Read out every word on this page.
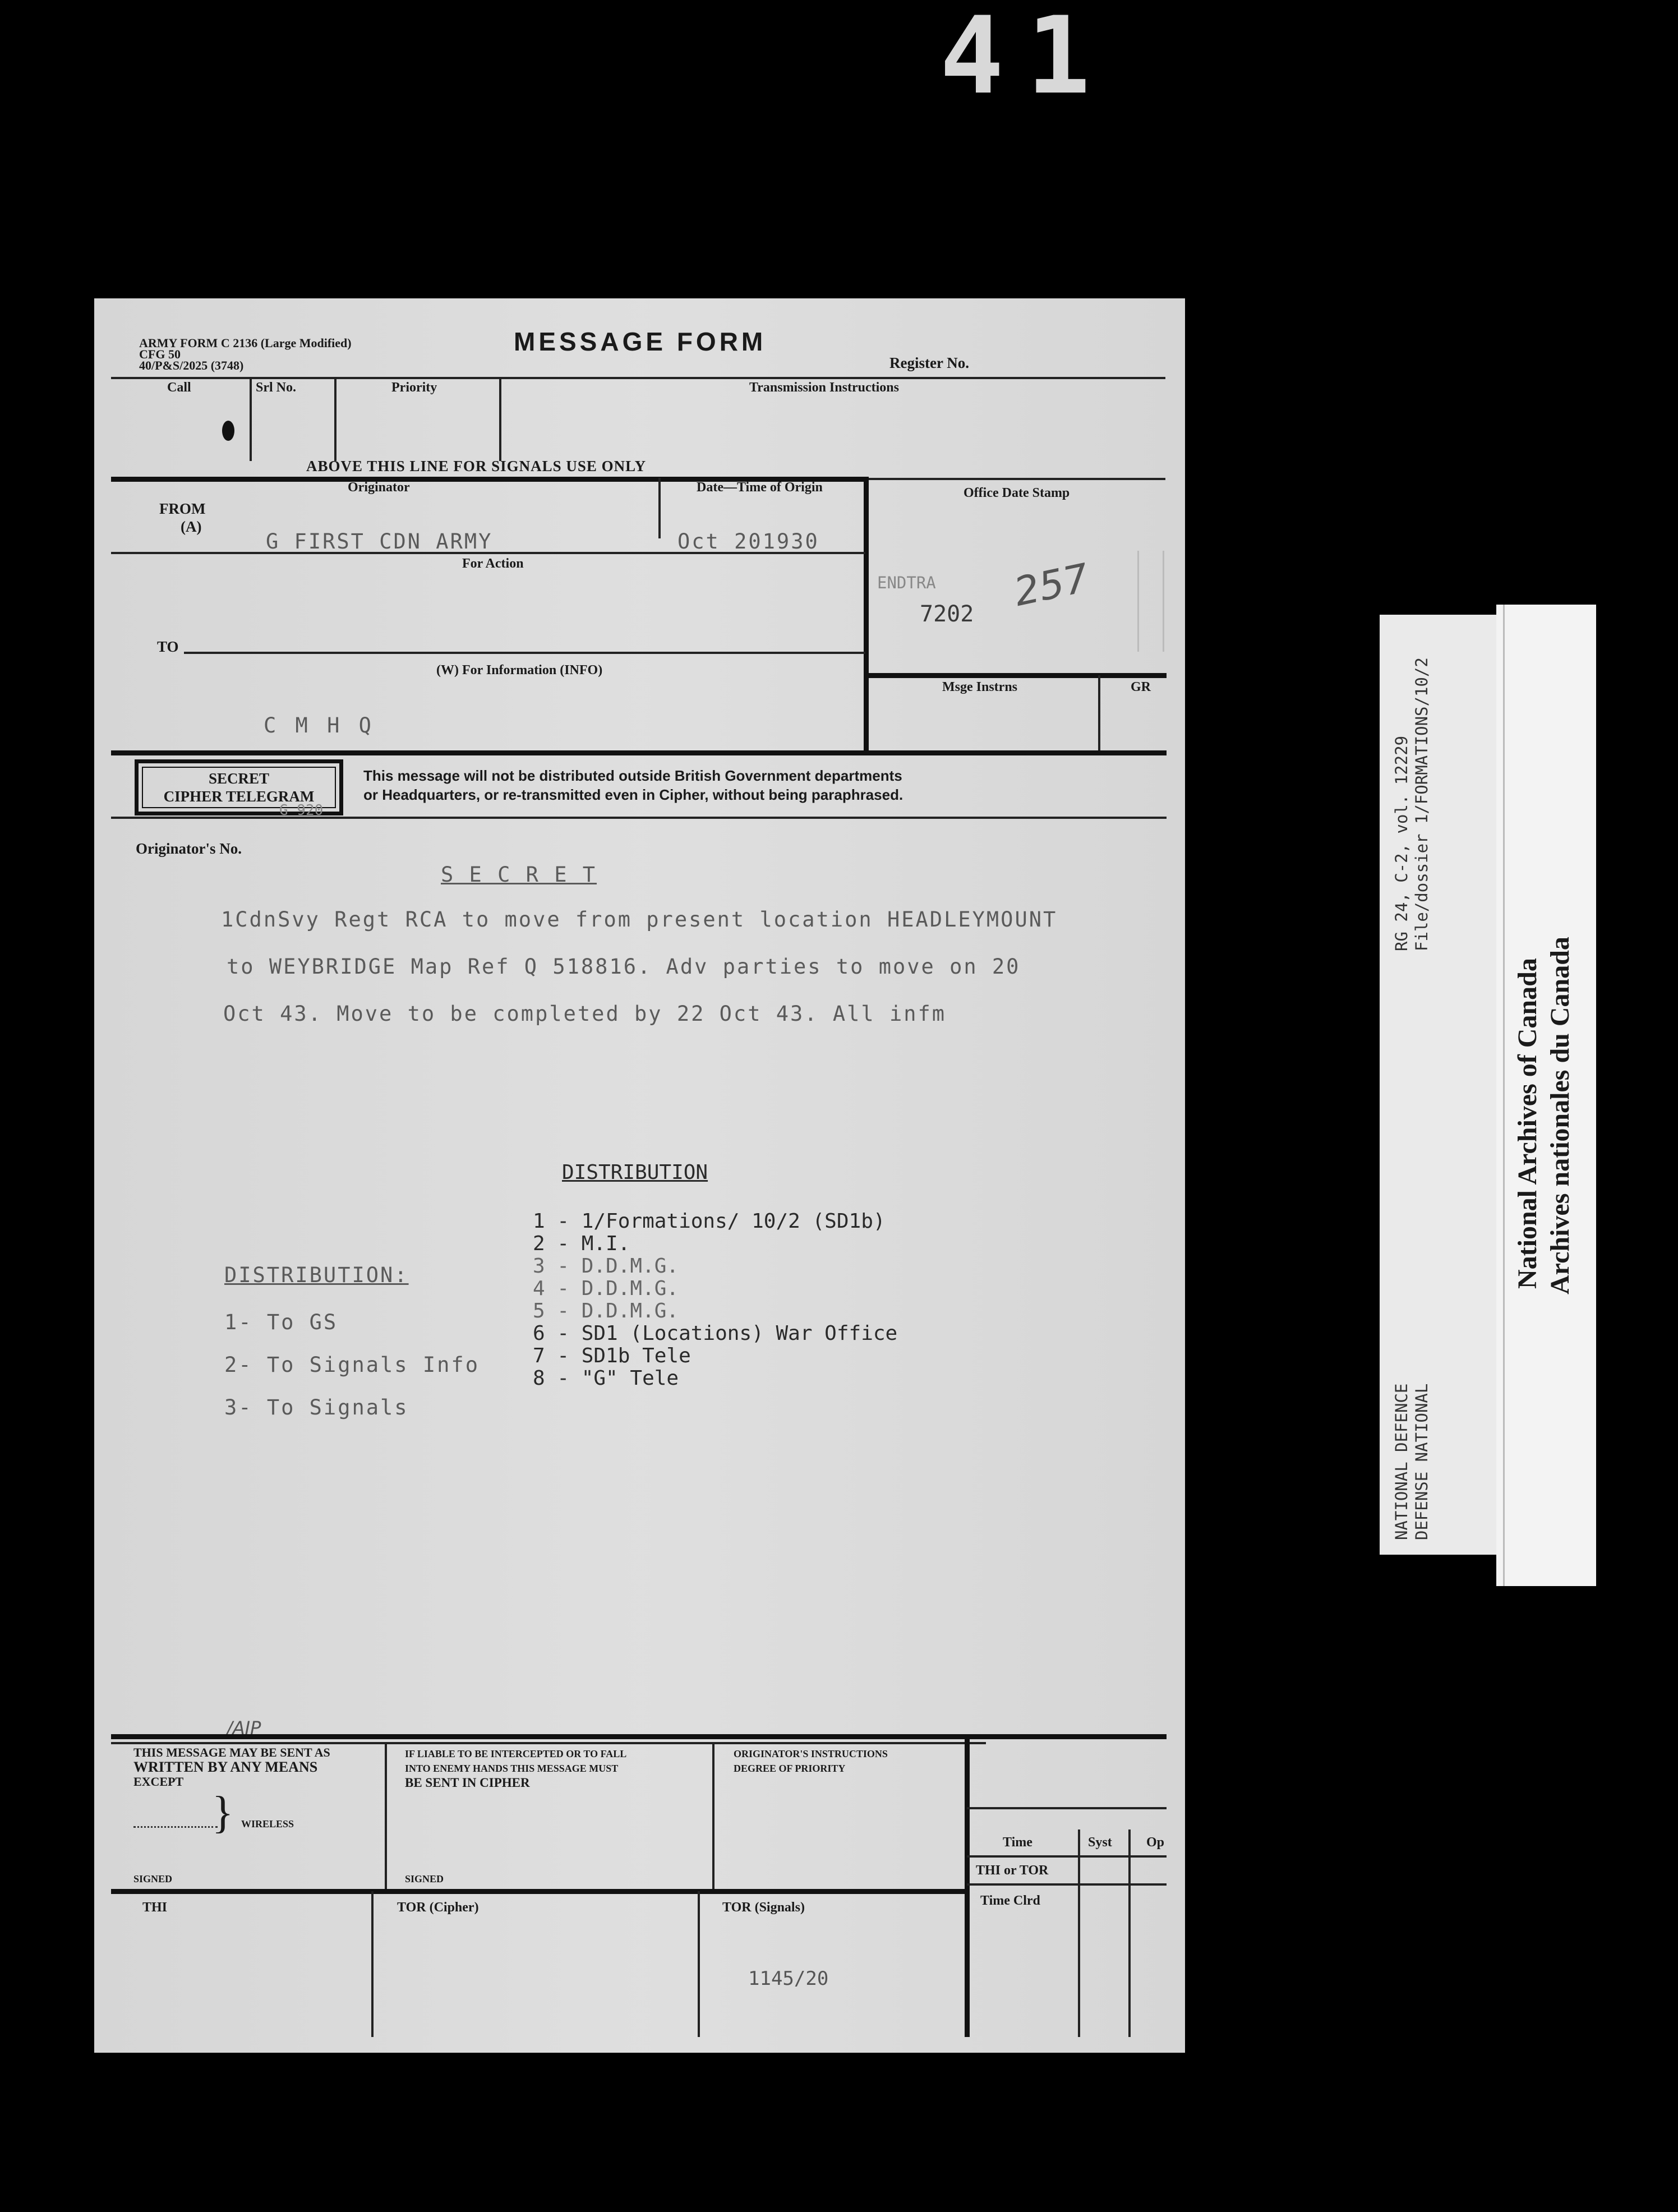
41
ARMY FORM C 2136 (Large Modified)
CFG 50
40/P&S/2025 (3748)
MESSAGE FORM
Register No.
Call	Srl No.	Priority	Transmission Instructions
ABOVE THIS LINE FOR SIGNALS USE ONLY
Originator	Date—Time of Origin	Office Date Stamp
FROM
(A)
G FIRST CDN ARMY	Oct 201930
For Action
ENDTRA
7202 257
TO
(W) For Information (INFO)
C M H Q
Msge Instrns	GR
SECRET
CIPHER TELEGRAM
G 920
This message will not be distributed outside British Government departments
or Headquarters, or re-transmitted even in Cipher, without being paraphrased.
Originator's No.
S E C R E T
1CdnSvy Regt RCA to move from present location HEADLEYMOUNT
to WEYBRIDGE Map Ref Q 518816. Adv parties to move on 20
Oct 43. Move to be completed by 22 Oct 43. All infm
DISTRIBUTION
1 - 1/Formations/ 10/2 (SD1b)
2 - M.I.
3 - D.D.M.G.
4 - D.D.M.G.
5 - D.D.M.G.
6 - SD1 (Locations) War Office
7 - SD1b Tele
8 - "G" Tele
DISTRIBUTION:
1- To GS
2- To Signals Info
3- To Signals
/AIP
THIS MESSAGE MAY BE SENT AS
WRITTEN BY ANY MEANS
EXCEPT
} WIRELESS
SIGNED
IF LIABLE TO BE INTERCEPTED OR TO FALL
INTO ENEMY HANDS THIS MESSAGE MUST
BE SENT IN CIPHER
SIGNED
ORIGINATOR'S INSTRUCTIONS
DEGREE OF PRIORITY
Time	Syst	Op
THI or TOR
Time Clrd
THI	TOR (Cipher)	TOR (Signals)
1145/20
RG 24, C-2, vol. 12229 File/dossier 1/FORMATIONS/10/2
NATIONAL DEFENCE DEFENSE NATIONAL
National Archives of Canada Archives nationales du Canada
